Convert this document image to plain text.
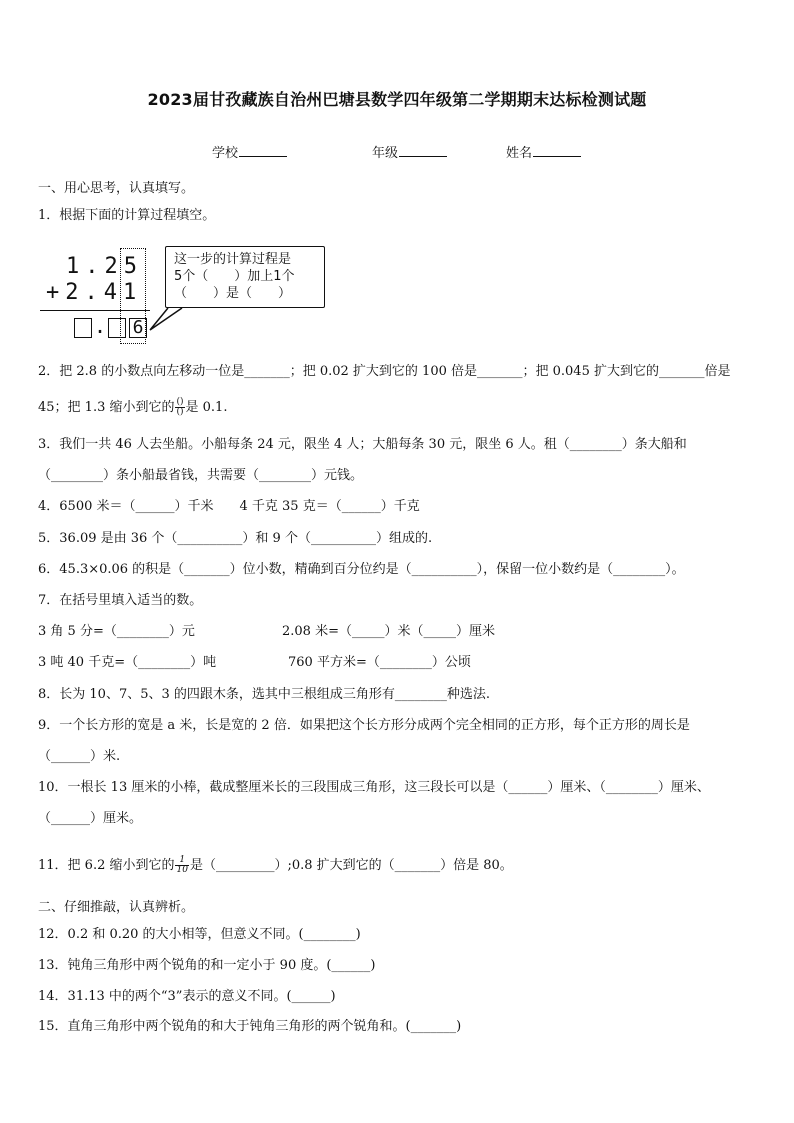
2023届甘孜藏族自治州巴塘县数学四年级第二学期期末达标检测试题
学校	年级	姓名
一、用心思考，认真填写。
1．根据下面的计算过程填空。
1.25
+2.41
. 6
这一步的计算过程是
5个（　　）加上1个
（　　）是（　　）
2．把 2.8 的小数点向左移动一位是_______；把 0.02 扩大到它的 100 倍是_______；把 0.045 扩大到它的_______倍是
45；把 1.3 缩小到它的 $\frac{()}{()}$ 是 0.1.
3．我们一共 46 人去坐船。小船每条 24 元，限坐 4 人；大船每条 30 元，限坐 6 人。租（________）条大船和
（________）条小船最省钱，共需要（________）元钱。
4．6500 米＝（______）千米　　4 千克 35 克＝（______）千克
5．36.09 是由 36 个（__________）和 9 个（__________）组成的.
6．45.3×0.06 的积是（_______）位小数，精确到百分位约是（__________），保留一位小数约是（________）。
7．在括号里填入适当的数。
3 角 5 分=（________）元	2.08 米=（_____）米（_____）厘米
3 吨 40 千克=（________）吨	760 平方米=（________）公顷
8．长为 10、7、5、3 的四跟木条，选其中三根组成三角形有________种选法.
9．一个长方形的宽是 a 米，长是宽的 2 倍．如果把这个长方形分成两个完全相同的正方形，每个正方形的周长是
（______）米.
10．一根长 13 厘米的小棒，截成整厘米长的三段围成三角形，这三段长可以是（______）厘米、（________）厘米、
（______）厘米。
11．把 6.2 缩小到它的 $\frac{1}{10}$ 是（_________）;0.8 扩大到它的（_______）倍是 80。
二、仔细推敲，认真辨析。
12．0.2 和 0.20 的大小相等，但意义不同。(________)
13．钝角三角形中两个锐角的和一定小于 90 度。(______)
14．31.13 中的两个“3”表示的意义不同。(______)
15．直角三角形中两个锐角的和大于钝角三角形的两个锐角和。(_______)
